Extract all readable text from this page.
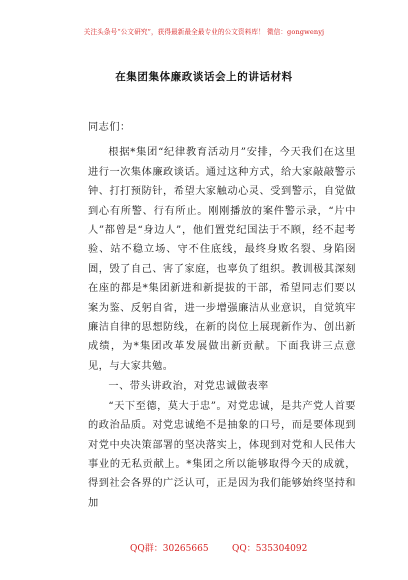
关注头条号“公文研究”，获得最新最全最专业的公文资料库！ 微信：gongwenyj
在集团集体廉政谈话会上的讲话材料

同志们：

根据*集团“纪律教育活动月”安排，今天我们在这里进行一次集体廉政谈话。通过这种方式，给大家敲敲警示钟、打打预防针，希望大家触动心灵、受到警示，自觉做到心有所警、行有所止。刚刚播放的案件警示录，“片中人”都曾是“身边人”，他们置党纪国法于不顾，经不起考验、站不稳立场、守不住底线，最终身败名裂、身陷囹圄，毁了自己、害了家庭，也辜负了组织。教训极其深刻在座的都是*集团新进和新提拔的干部，希望同志们要以案为鉴、反躬自省，进一步增强廉洁从业意识，自觉筑牢廉洁自律的思想防线，在新的岗位上展现新作为、创出新成绩，为*集团改革发展做出新贡献。下面我讲三点意见，与大家共勉。

一、带头讲政治，对党忠诚做表率

“天下至德，莫大于忠”。对党忠诚，是共产党人首要的政治品质。对党忠诚绝不是抽象的口号，而是要体现到对党中央决策部署的坚决落实上，体现到对党和人民伟大事业的无私贡献上。*集团之所以能够取得今天的成就，得到社会各界的广泛认可，正是因为我们能够始终坚持和加

QQ群：30265665	QQ：535304092
